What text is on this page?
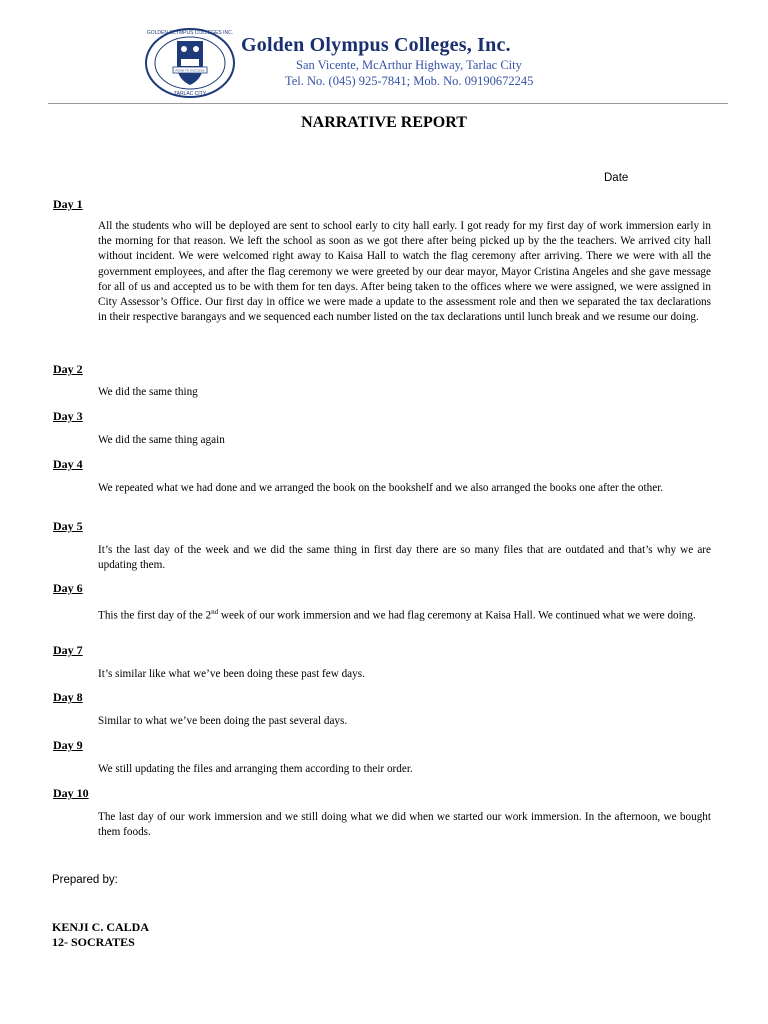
GOLDEN OLYMPUS COLLEGES INC.
ROAD TO SUCCESS
TARLAC CITY
Golden Olympus Colleges, Inc.
San Vicente, McArthur Highway, Tarlac City
Tel. No. (045) 925-7841; Mob. No. 09190672245
NARRATIVE REPORT
Date
Day 1
All the students who will be deployed are sent to school early to city hall early. I got ready for my first day of work immersion early in the morning for that reason. We left the school as soon as we got there after being picked up by the the teachers. We arrived city hall without incident. We were welcomed right away to Kaisa Hall to watch the flag ceremony after arriving. There we were with all the government employees, and after the flag ceremony we were greeted by our dear mayor, Mayor Cristina Angeles and she gave message for all of us and accepted us to be with them for ten days. After being taken to the offices where we were assigned, we were assigned in City Assessor’s Office. Our first day in office we were made a update to the assessment role and then we separated the tax declarations in their respective barangays and we sequenced each number listed on the tax declarations until lunch break and we resume our doing.
Day 2
We did the same thing
Day 3
We did the same thing again
Day 4
We repeated what we had done and we arranged the book on the bookshelf and we also arranged the books one after the other.
Day 5
It’s the last day of the week and we did the same thing in first day there are so many files that are outdated and that’s why we are updating them.
Day 6
This the first day of the 2nd week of our work immersion and we had flag ceremony at Kaisa Hall. We continued what we were doing.
Day 7
It’s similar like what we’ve been doing these past few days.
Day 8
Similar to what we’ve been doing the past several days.
Day 9
We still updating the files and arranging them according to their order.
Day 10
The last day of our work immersion and we still doing what we did when we started our work immersion. In the afternoon, we bought them foods.
Prepared by:
KENJI C. CALDA
12- SOCRATES
